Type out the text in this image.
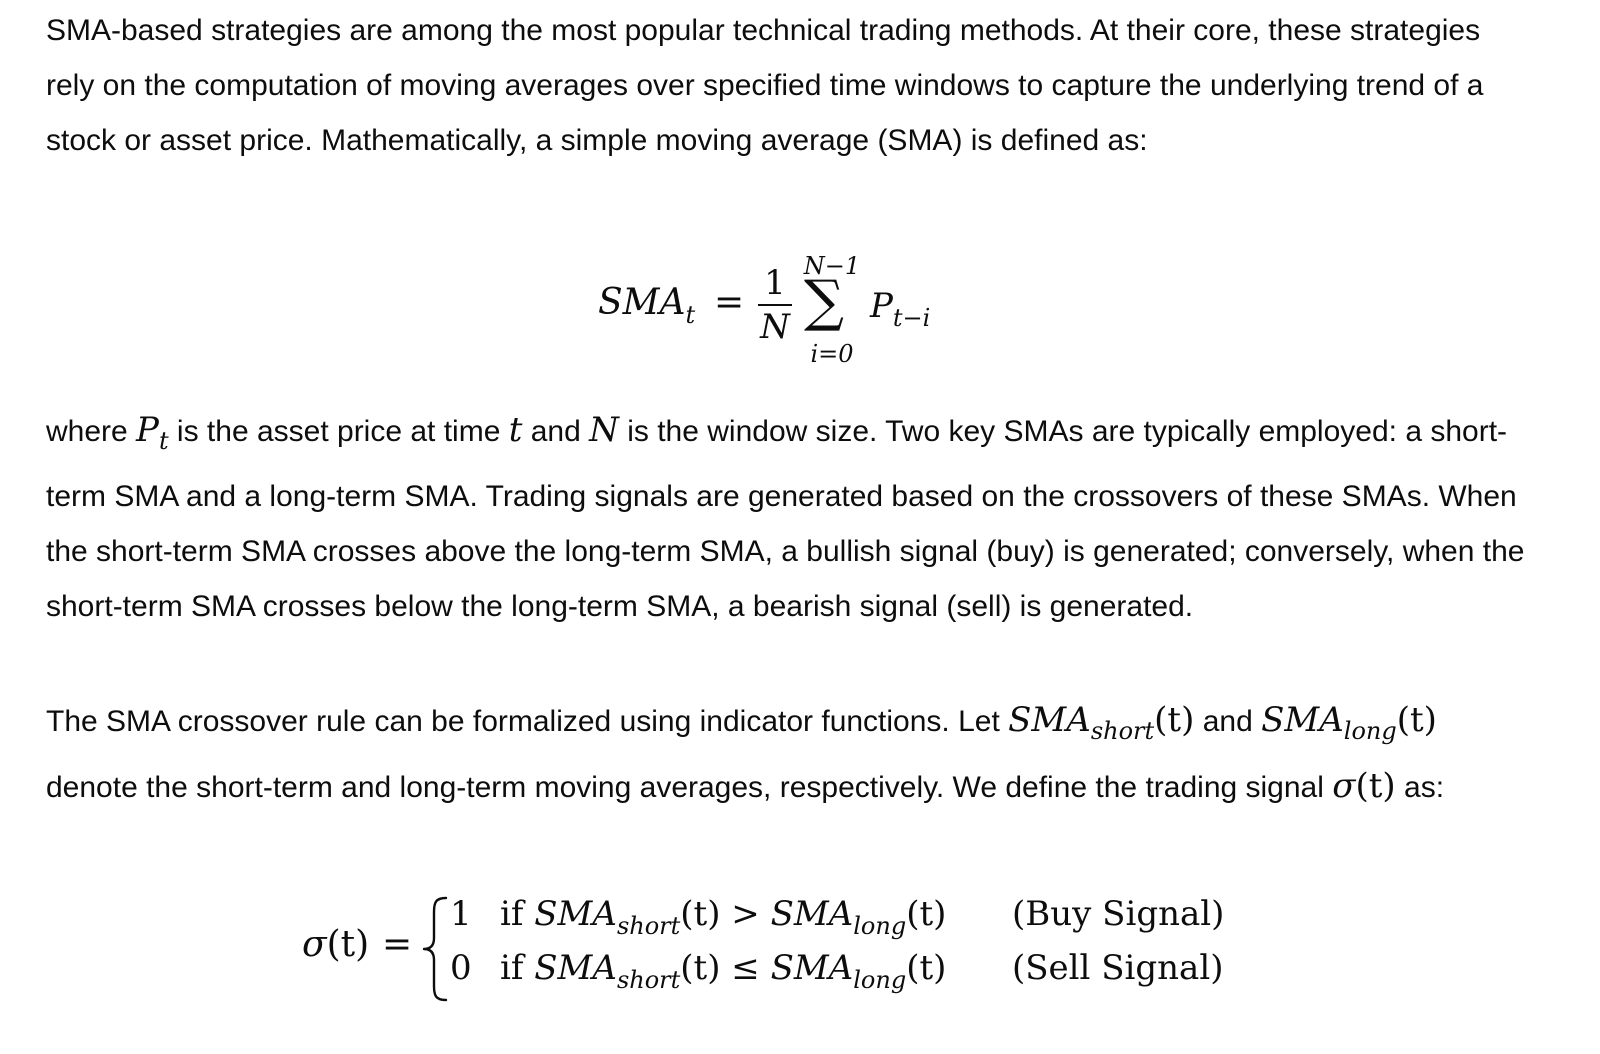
SMA-based strategies are among the most popular technical trading methods. At their core, these strategies rely on the computation of moving averages over specified time windows to capture the underlying trend of a stock or asset price. Mathematically, a simple moving average (SMA) is defined as:

where $P_t$ is the asset price at time t and N is the window size. Two key SMAs are typically employed: a short-term SMA and a long-term SMA. Trading signals are generated based on the crossovers of these SMAs. When the short-term SMA crosses above the long-term SMA, a bullish signal (buy) is generated; conversely, when the short-term SMA crosses below the long-term SMA, a bearish signal (sell) is generated.

The SMA crossover rule can be formalized using indicator functions. Let $SMA_{short}(t)$ and $SMA_{long}(t)$ denote the short-term and long-term moving averages, respectively. We define the trading signal σ(t) as:

$SMA_t = 1$
N
N−1
∑
i=0
$P_{t-i}$
σ(t) =
1 if $SMA_{short}(t) > SMA_{long}(t)$ (Buy Signal)
0 if $SMA_{short}(t) \le SMA_{long}(t)$ (Sell Signal)
